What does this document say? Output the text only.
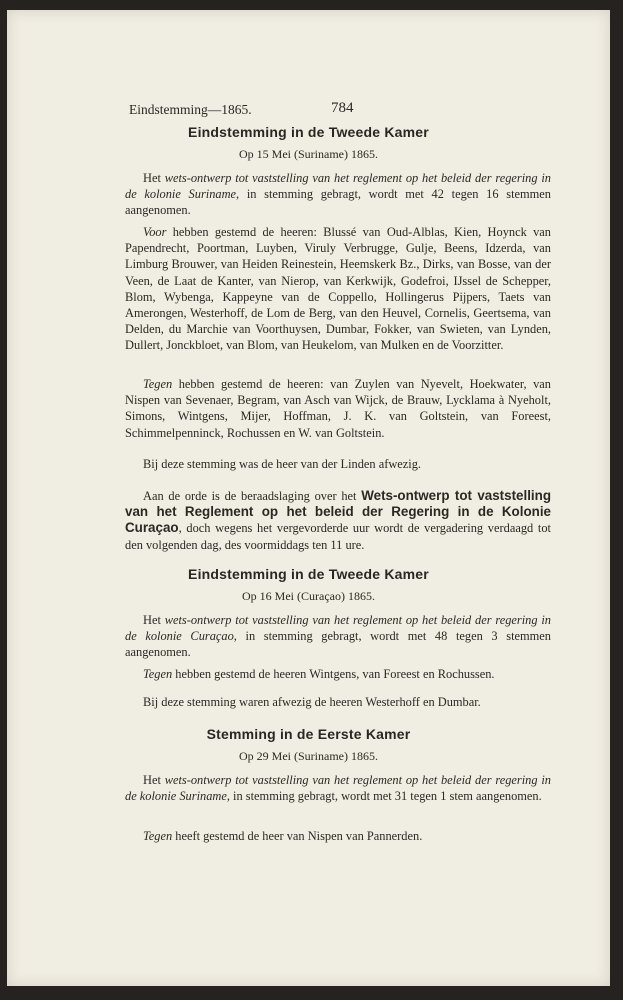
Eindstemming—1865.	784
Eindstemming in de Tweede Kamer
Op 15 Mei (Suriname) 1865.
Het wets-ontwerp tot vaststelling van het reglement op het beleid der regering in de kolonie Suriname, in stemming gebragt, wordt met 42 tegen 16 stemmen aangenomen.
Voor hebben gestemd de heeren: Blussé van Oud-Alblas, Kien, Hoynck van Papendrecht, Poortman, Luyben, Viruly Verbrugge, Gulje, Beens, Idzerda, van Limburg Brouwer, van Heiden Reinestein, Heemskerk Bz., Dirks, van Bosse, van der Veen, de Laat de Kanter, van Nierop, van Kerkwijk, Godefroi, IJssel de Schepper, Blom, Wybenga, Kappeyne van de Coppello, Hollingerus Pijpers, Taets van Amerongen, Westerhoff, de Lom de Berg, van den Heuvel, Cornelis, Geertsema, van Delden, du Marchie van Voorthuysen, Dumbar, Fokker, van Swieten, van Lynden, Dullert, Jonckbloet, van Blom, van Heukelom, van Mulken en de Voorzitter.
Tegen hebben gestemd de heeren: van Zuylen van Nyevelt, Hoekwater, van Nispen van Sevenaer, Begram, van Asch van Wijck, de Brauw, Lycklama à Nyeholt, Simons, Wintgens, Mijer, Hoffman, J. K. van Goltstein, van Foreest, Schimmelpenninck, Rochussen en W. van Goltstein.
Bij deze stemming was de heer van der Linden afwezig.
Aan de orde is de beraadslaging over het Wets-ontwerp tot vaststelling van het Reglement op het beleid der Regering in de Kolonie Curaçao, doch wegens het vergevorderde uur wordt de vergadering verdaagd tot den volgenden dag, des voormiddags ten 11 ure.
Eindstemming in de Tweede Kamer
Op 16 Mei (Curaçao) 1865.
Het wets-ontwerp tot vaststelling van het reglement op het beleid der regering in de kolonie Curaçao, in stemming gebragt, wordt met 48 tegen 3 stemmen aangenomen.
Tegen hebben gestemd de heeren Wintgens, van Foreest en Rochussen.
Bij deze stemming waren afwezig de heeren Westerhoff en Dumbar.
Stemming in de Eerste Kamer
Op 29 Mei (Suriname) 1865.
Het wets-ontwerp tot vaststelling van het reglement op het beleid der regering in de kolonie Suriname, in stemming gebragt, wordt met 31 tegen 1 stem aangenomen.
Tegen heeft gestemd de heer van Nispen van Pannerden.
